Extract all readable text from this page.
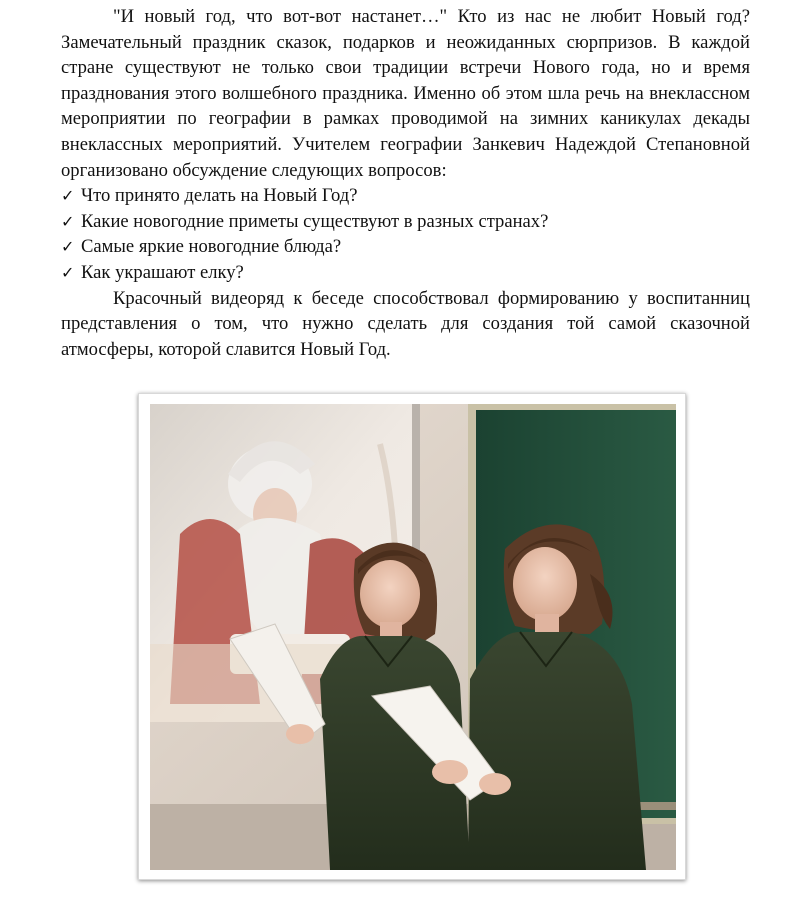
"И новый год, что вот-вот настанет…" Кто из нас не любит Новый год? Замечательный праздник сказок, подарков и неожиданных сюрпризов. В каждой стране существуют не только свои традиции встречи Нового года, но и время празднования этого волшебного праздника. Именно об этом шла речь на внеклассном мероприятии по географии в рамках проводимой на зимних каникулах декады внеклассных мероприятий. Учителем географии Занкевич Надеждой Степановной организовано обсуждение следующих вопросов:

✓ Что принято делать на Новый Год?
✓ Какие новогодние приметы существуют в разных странах?
✓ Самые яркие новогодние блюда?
✓ Как украшают елку?

Красочный видеоряд к беседе способствовал формированию у воспитанниц представления о том, что нужно сделать для создания той самой сказочной атмосферы, которой славится Новый Год.
